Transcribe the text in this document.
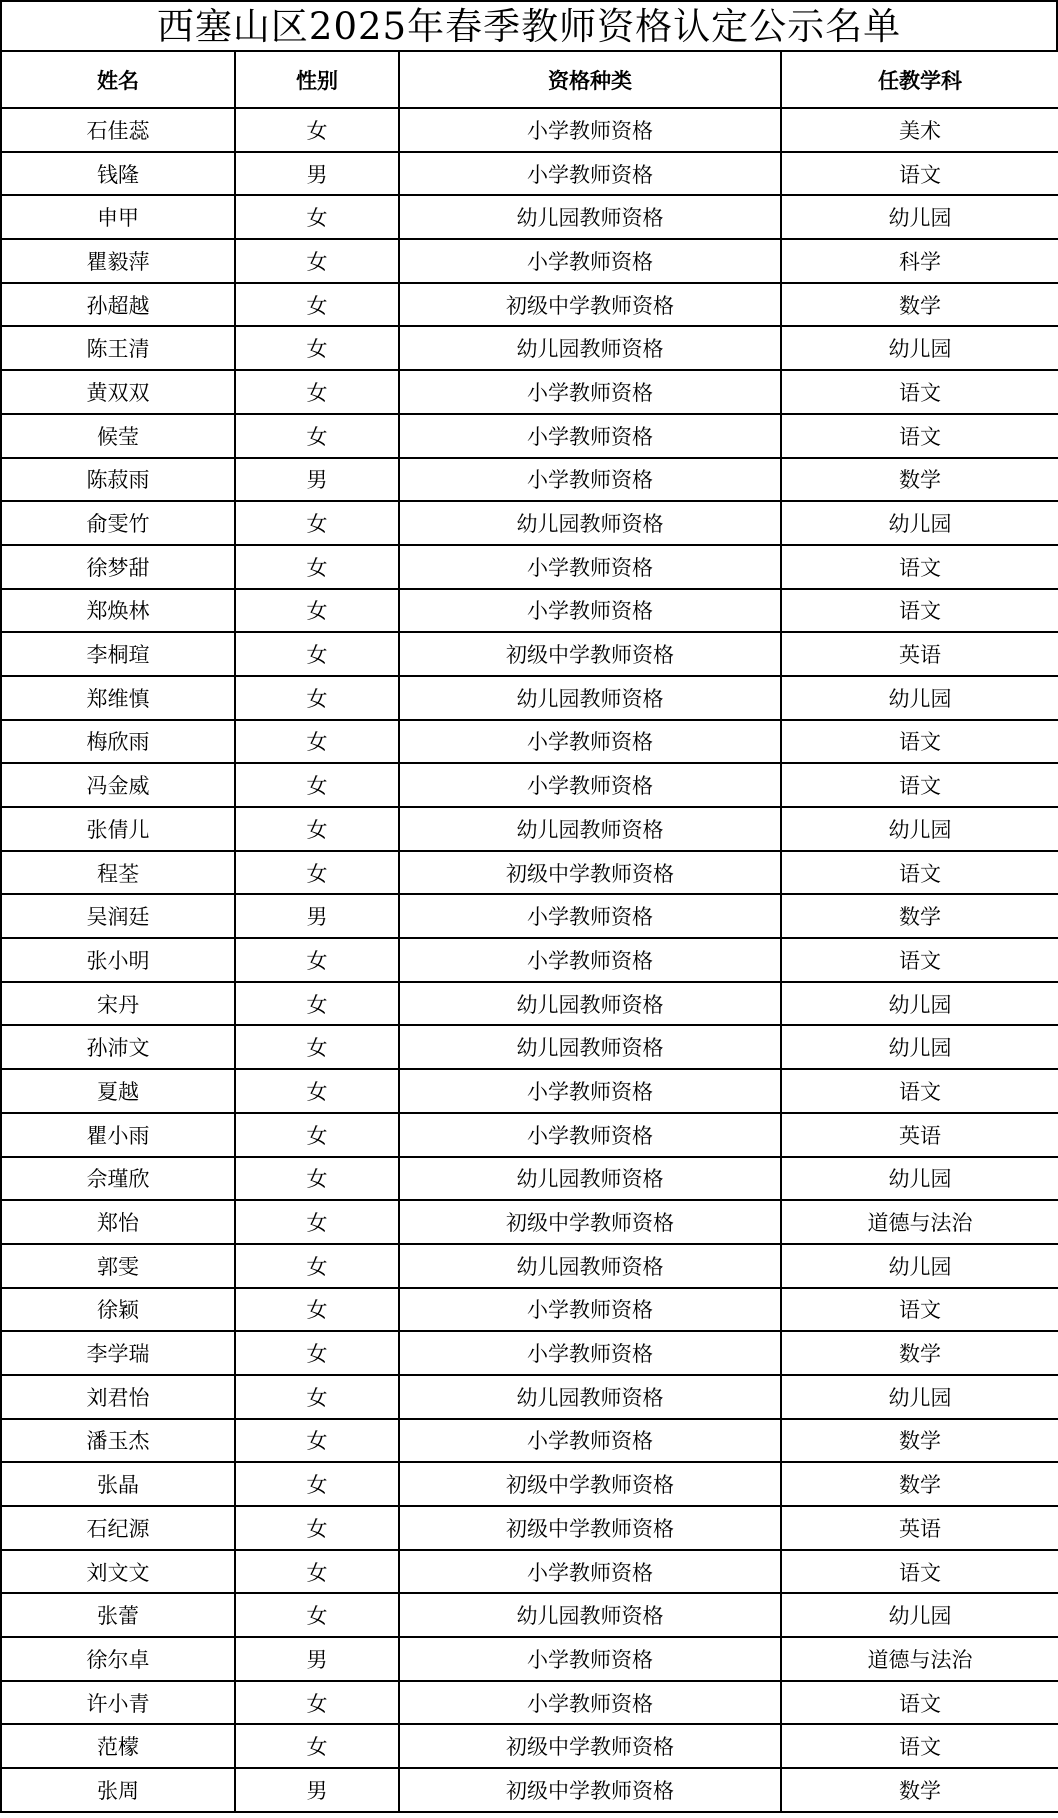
西塞山区2025年春季教师资格认定公示名单
姓名	性别	资格种类	任教学科
石佳蕊	女	小学教师资格	美术
钱隆	男	小学教师资格	语文
申甲	女	幼儿园教师资格	幼儿园
瞿毅萍	女	小学教师资格	科学
孙超越	女	初级中学教师资格	数学
陈王清	女	幼儿园教师资格	幼儿园
黄双双	女	小学教师资格	语文
候莹	女	小学教师资格	语文
陈菽雨	男	小学教师资格	数学
俞雯竹	女	幼儿园教师资格	幼儿园
徐梦甜	女	小学教师资格	语文
郑焕林	女	小学教师资格	语文
李桐瑄	女	初级中学教师资格	英语
郑维慎	女	幼儿园教师资格	幼儿园
梅欣雨	女	小学教师资格	语文
冯金威	女	小学教师资格	语文
张倩儿	女	幼儿园教师资格	幼儿园
程荃	女	初级中学教师资格	语文
吴润廷	男	小学教师资格	数学
张小明	女	小学教师资格	语文
宋丹	女	幼儿园教师资格	幼儿园
孙沛文	女	幼儿园教师资格	幼儿园
夏越	女	小学教师资格	语文
瞿小雨	女	小学教师资格	英语
佘瑾欣	女	幼儿园教师资格	幼儿园
郑怡	女	初级中学教师资格	道德与法治
郭雯	女	幼儿园教师资格	幼儿园
徐颖	女	小学教师资格	语文
李学瑞	女	小学教师资格	数学
刘君怡	女	幼儿园教师资格	幼儿园
潘玉杰	女	小学教师资格	数学
张晶	女	初级中学教师资格	数学
石纪源	女	初级中学教师资格	英语
刘文文	女	小学教师资格	语文
张蕾	女	幼儿园教师资格	幼儿园
徐尔卓	男	小学教师资格	道德与法治
许小青	女	小学教师资格	语文
范檬	女	初级中学教师资格	语文
张周	男	初级中学教师资格	数学
